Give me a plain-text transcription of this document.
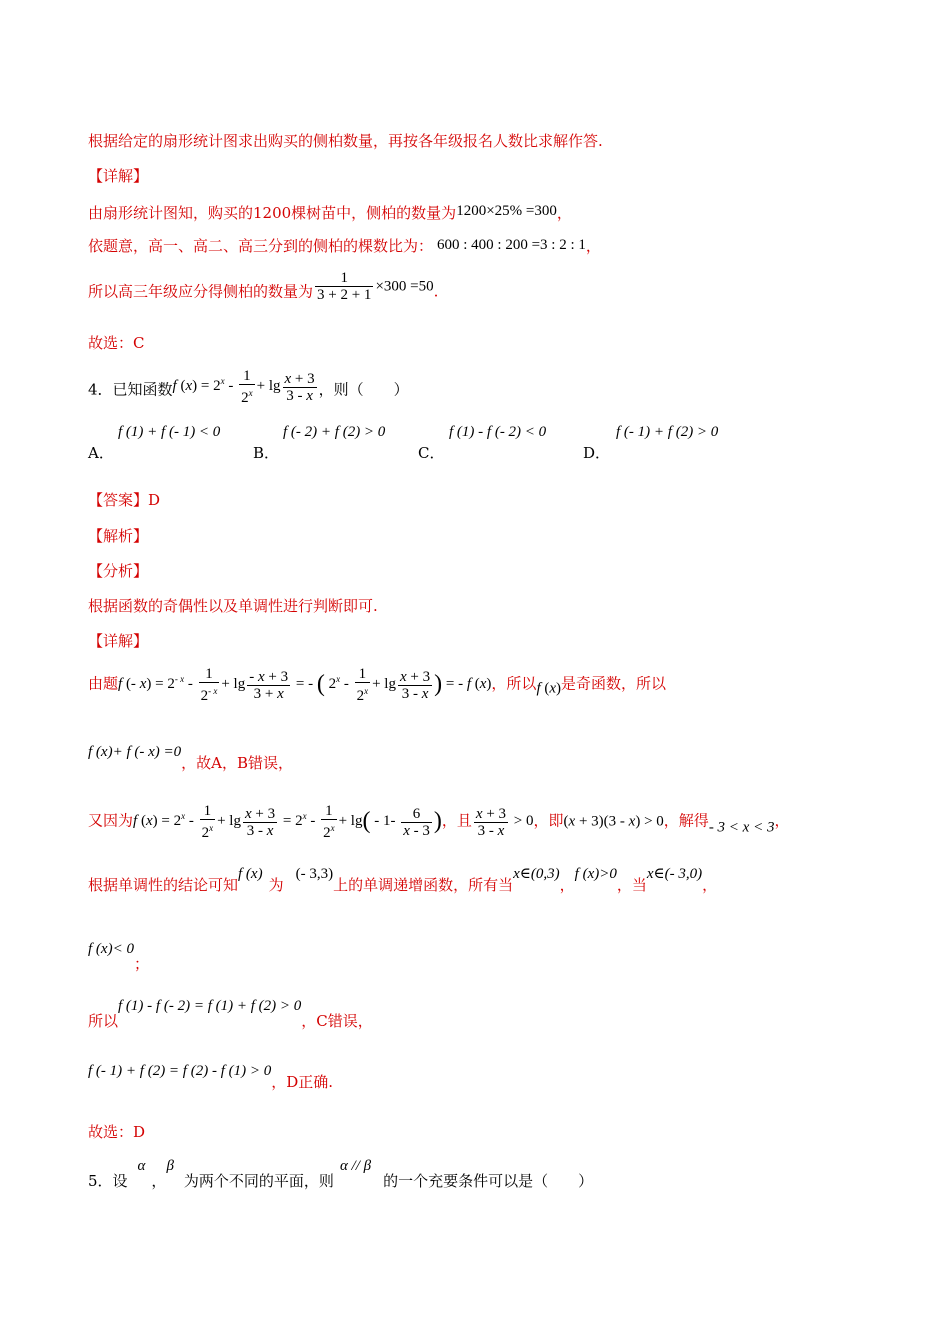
根据给定的扇形统计图求出购买的侧柏数量，再按各年级报名人数比求解作答.
【详解】
由扇形统计图知，购买的1200棵树苗中，侧柏的数量为1200×25% =300，
依题意，高一、高二、高三分到的侧柏的棵数比为： 600 : 400 : 200 =3 : 2 : 1，
所以高三年级应分得侧柏的数量为 $\frac{1}{3 + 2 + 1} \times 300 =50$.
故选：C
4．已知函数f $(x) = 2^x - \frac{1}{2^x} + \lg \frac{x + 3}{3 - x}$ ，则（　　）
A．
f (1) + f (- 1) < 0
B．
f (- 2) + f (2) > 0
C．
f (1) - f (- 2) < 0
D．
f (- 1) + f (2) > 0
【答案】D
【解析】
【分析】
根据函数的奇偶性以及单调性进行判断即可.
【详解】
由题f (- $x) = 2^{- x} - \frac{1}{2^{- x}} + \lg \frac{- x + 3}{3 + x}$ = - ( $2^x - \frac{1}{2^x} + \lg \frac{x + 3}{3 - x}$ ) = - f (x)，所以f (x)是奇函数，所以
f (x)+ f (- x) =0，故A，B错误，
又因为f $(x) = 2^x - \frac{1}{2^x} + \lg \frac{x + 3}{3 - x} = 2^x - \frac{1}{2^x} + \lg( - 1- \frac{6}{x - 3}$ )，且 $\frac{x + 3}{3 - x} > 0$，即(x + 3)(3 - x) > 0，解得- 3 < x < 3，
根据单调性的结论可知f (x)为(- 3,3)上的单调递增函数，所有当x∈(0,3)，f (x)>0，当x∈(- 3,0)，
f (x)< 0；
所以f (1) - f (- 2) = f (1) + f (2) > 0，C错误，
f (- 1) + f (2) = f (2) - f (1) > 0，D正确.
故选：D
5．设α，β为两个不同的平面，则α // β的一个充要条件可以是（　　）
